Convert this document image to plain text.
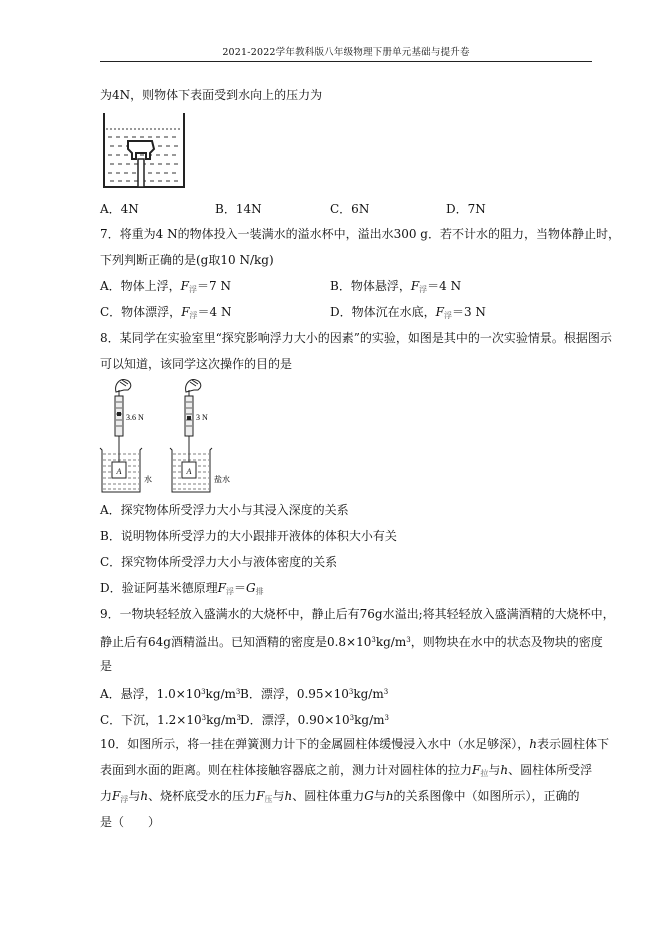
2021-2022学年教科版八年级物理下册单元基础与提升卷
为4N，则物体下表面受到水向上的压力为
A．4N	B．14N	C．6N	D．7N
7．将重为4 N的物体投入一装满水的溢水杯中，溢出水300 g．若不计水的阻力，当物体静止时，
下列判断正确的是(g取10 N/kg)
A．物体上浮，$F_浮=7$ N	B．物体悬浮，$F_浮=4$ N
C．物体漂浮，$F_浮=4$ N	D．物体沉在水底，$F_浮=3$ N
8．某同学在实验室里“探究影响浮力大小的因素”的实验，如图是其中的一次实验情景。根据图示
可以知道，该同学这次操作的目的是
3.6 N
A
水
3 N
A
盐水
A．探究物体所受浮力大小与其浸入深度的关系
B．说明物体所受浮力的大小跟排开液体的体积大小有关
C．探究物体所受浮力大小与液体密度的关系
D．验证阿基米德原理$F_浮=G_排$
9．一物块轻轻放入盛满水的大烧杯中，静止后有76g水溢出;将其轻轻放入盛满酒精的大烧杯中，
静止后有64g酒精溢出。已知酒精的密度是$0.8\times 10^3kg/m^3$，则物块在水中的状态及物块的密度
是
A．悬浮，$1.0\times 10^3kg/m^3$ B．漂浮，$0.95\times 10^3kg/m^3$
C．下沉，$1.2\times 10^3kg/m^3$ D．漂浮，$0.90\times 10^3kg/m^3$
10．如图所示，将一挂在弹簧测力计下的金属圆柱体缓慢浸入水中（水足够深），h表示圆柱体下
表面到水面的距离。则在柱体接触容器底之前，测力计对圆柱体的拉力$F_拉$与h、圆柱体所受浮
力$F_浮$与h、烧杯底受水的压力$F_压$与h、圆柱体重力G与h的关系图像中（如图所示），正确的
是（　　）
